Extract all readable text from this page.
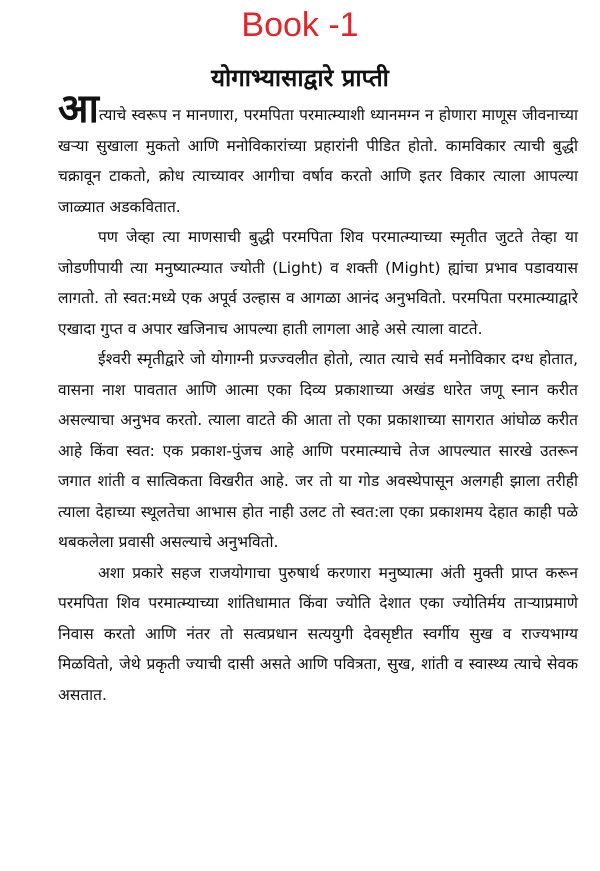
Book -1
योगाभ्यासाद्वारे प्राप्ती

आत्याचे स्वरूप न मानणारा, परमपिता परमात्म्याशी ध्यानमग्न न होणारा माणूस जीवनाच्या खऱ्या सुखाला मुकतो आणि मनोविकारांच्या प्रहारांनी पीडित होतो. कामविकार त्याची बुद्धी चक्रावून टाकतो, क्रोध त्याच्यावर आगीचा वर्षाव करतो आणि इतर विकार त्याला आपल्या जाळ्यात अडकवितात.

पण जेव्हा त्या माणसाची बुद्धी परमपिता शिव परमात्म्याच्या स्मृतीत जुटते तेव्हा या जोडणीपायी त्या मनुष्यात्म्यात ज्योती (Light) व शक्ती (Might) ह्यांचा प्रभाव पडावयास लागतो. तो स्वत:मध्ये एक अपूर्व उल्हास व आगळा आनंद अनुभवितो. परमपिता परमात्म्याद्वारे एखादा गुप्त व अपार खजिनाच आपल्या हाती लागला आहे असे त्याला वाटते.

ईश्वरी स्मृतीद्वारे जो योगाग्नी प्रज्ज्वलीत होतो, त्यात त्याचे सर्व मनोविकार दग्ध होतात, वासना नाश पावतात आणि आत्मा एका दिव्य प्रकाशाच्या अखंड धारेत जणू स्नान करीत असल्याचा अनुभव करतो. त्याला वाटते की आता तो एका प्रकाशाच्या सागरात आंघोळ करीत आहे किंवा स्वत: एक प्रकाश-पुंजच आहे आणि परमात्म्याचे तेज आपल्यात सारखे उतरून जगात शांती व सात्विकता विखरीत आहे. जर तो या गोड अवस्थेपासून अलगही झाला तरीही त्याला देहाच्या स्थूलतेचा आभास होत नाही उलट तो स्वत:ला एका प्रकाशमय देहात काही पळे थबकलेला प्रवासी असल्याचे अनुभवितो.

अशा प्रकारे सहज राजयोगाचा पुरुषार्थ करणारा मनुष्यात्मा अंती मुक्ती प्राप्त करून परमपिता शिव परमात्म्याच्या शांतिधामात किंवा ज्योति देशात एका ज्योतिर्मय ताऱ्याप्रमाणे निवास करतो आणि नंतर तो सत्वप्रधान सत्ययुगी देवसृष्टीत स्वर्गीय सुख व राज्यभाग्य मिळवितो, जेथे प्रकृती ज्याची दासी असते आणि पवित्रता, सुख, शांती व स्वास्थ्य त्याचे सेवक असतात.
